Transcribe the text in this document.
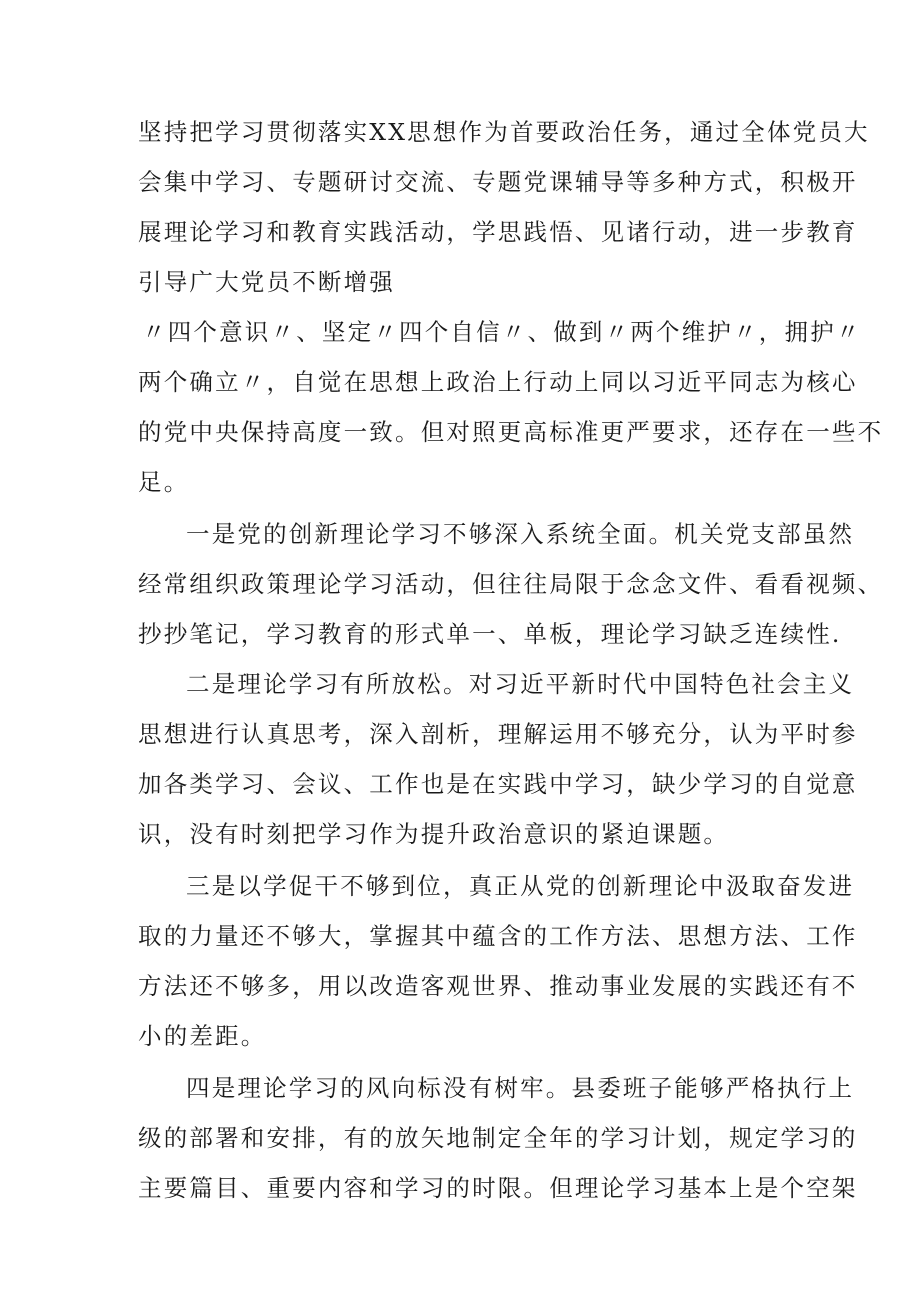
坚持把学习贯彻落实XX思想作为首要政治任务，通过全体党员大
会集中学习、专题研讨交流、专题党课辅导等多种方式，积极开
展理论学习和教育实践活动，学思践悟、见诸行动，进一步教育
引导广大党员不断增强
〃四个意识〃、坚定〃四个自信〃、做到〃两个维护〃，拥护〃
两个确立〃，自觉在思想上政治上行动上同以习近平同志为核心
的党中央保持高度一致。但对照更高标准更严要求，还存在一些不
足。
一是党的创新理论学习不够深入系统全面。机关党支部虽然
经常组织政策理论学习活动，但往往局限于念念文件、看看视频、
抄抄笔记，学习教育的形式单一、单板，理论学习缺乏连续性.
二是理论学习有所放松。对习近平新时代中国特色社会主义
思想进行认真思考，深入剖析，理解运用不够充分，认为平时参
加各类学习、会议、工作也是在实践中学习，缺少学习的自觉意
识，没有时刻把学习作为提升政治意识的紧迫课题。
三是以学促干不够到位，真正从党的创新理论中汲取奋发进
取的力量还不够大，掌握其中蕴含的工作方法、思想方法、工作
方法还不够多，用以改造客观世界、推动事业发展的实践还有不
小的差距。
四是理论学习的风向标没有树牢。县委班子能够严格执行上
级的部署和安排，有的放矢地制定全年的学习计划，规定学习的
主要篇目、重要内容和学习的时限。但理论学习基本上是个空架
